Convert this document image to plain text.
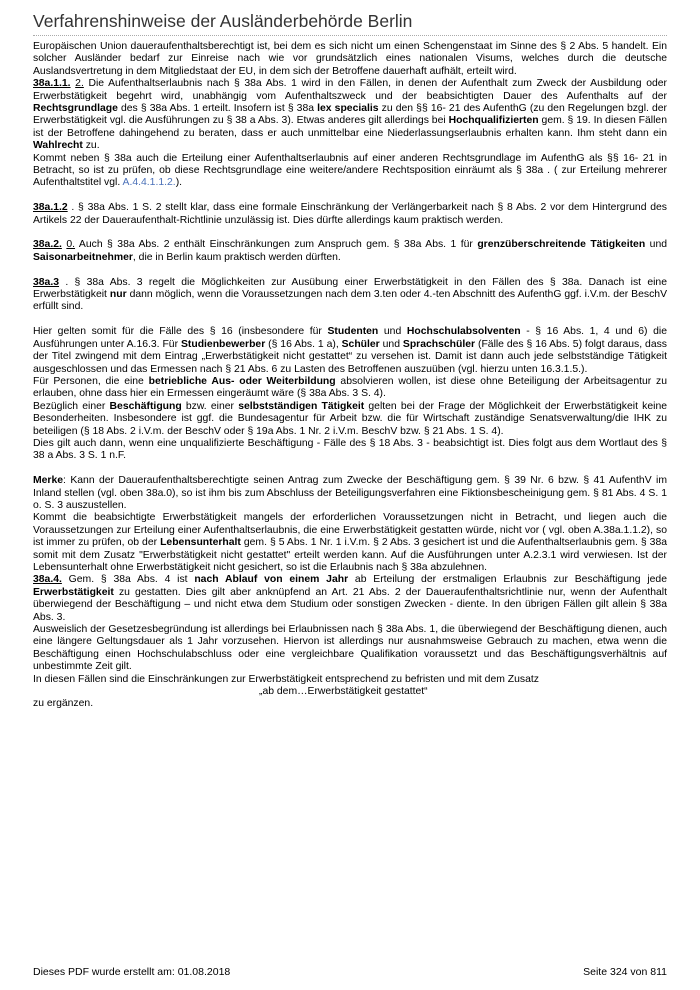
Verfahrenshinweise der Ausländerbehörde Berlin

Europäischen Union daueraufenthaltsberechtigt ist, bei dem es sich nicht um einen Schengenstaat im Sinne des § 2 Abs. 5 handelt. Ein solcher Ausländer bedarf zur Einreise nach wie vor grundsätzlich eines nationalen Visums, welches durch die deutsche Auslandsvertretung in dem Mitgliedstaat der EU, in dem sich der Betroffene dauerhaft aufhält, erteilt wird.

38a.1.1. 2. Die Aufenthaltserlaubnis nach § 38a Abs. 1 wird in den Fällen, in denen der Aufenthalt zum Zweck der Ausbildung oder Erwerbstätigkeit begehrt wird, unabhängig vom Aufenthaltszweck und der beabsichtigten Dauer des Aufenthalts auf der Rechtsgrundlage des § 38a Abs. 1 erteilt. Insofern ist § 38a lex specialis zu den §§ 16- 21 des AufenthG (zu den Regelungen bzgl. der Erwerbstätigkeit vgl. die Ausführungen zu § 38 a Abs. 3). Etwas anderes gilt allerdings bei Hochqualifizierten gem. § 19. In diesen Fällen ist der Betroffene dahingehend zu beraten, dass er auch unmittelbar eine Niederlassungserlaubnis erhalten kann. Ihm steht dann ein Wahlrecht zu.

Kommt neben § 38a auch die Erteilung einer Aufenthaltserlaubnis auf einer anderen Rechtsgrundlage im AufenthG als §§ 16- 21 in Betracht, so ist zu prüfen, ob diese Rechtsgrundlage eine weitere/andere Rechtsposition einräumt als § 38a . ( zur Erteilung mehrerer Aufenthaltstitel vgl. A.4.4.1.1.2.).

38a.1.2 . § 38a Abs. 1 S. 2 stellt klar, dass eine formale Einschränkung der Verlängerbarkeit nach § 8 Abs. 2 vor dem Hintergrund des Artikels 22 der Daueraufenthalt-Richtlinie unzulässig ist. Dies dürfte allerdings kaum praktisch werden.

38a.2. 0. Auch § 38a Abs. 2 enthält Einschränkungen zum Anspruch gem. § 38a Abs. 1 für grenzüberschreitende Tätigkeiten und Saisonarbeitnehmer, die in Berlin kaum praktisch werden dürften.

38a.3 . § 38a Abs. 3 regelt die Möglichkeiten zur Ausübung einer Erwerbstätigkeit in den Fällen des § 38a. Danach ist eine Erwerbstätigkeit nur dann möglich, wenn die Voraussetzungen nach dem 3.ten oder 4.-ten Abschnitt des AufenthG ggf. i.V.m. der BeschV erfüllt sind.

Hier gelten somit für die Fälle des § 16 (insbesondere für Studenten und Hochschulabsolventen - § 16 Abs. 1, 4 und 6) die Ausführungen unter A.16.3. Für Studienbewerber (§ 16 Abs. 1 a), Schüler und Sprachschüler (Fälle des § 16 Abs. 5) folgt daraus, dass der Titel zwingend mit dem Eintrag „Erwerbstätigkeit nicht gestattet“ zu versehen ist. Damit ist dann auch jede selbstständige Tätigkeit ausgeschlossen und das Ermessen nach § 21 Abs. 6 zu Lasten des Betroffenen auszuüben (vgl. hierzu unten 16.3.1.5.).

Für Personen, die eine betriebliche Aus- oder Weiterbildung absolvieren wollen, ist diese ohne Beteiligung der Arbeitsagentur zu erlauben, ohne dass hier ein Ermessen eingeräumt wäre (§ 38a Abs. 3 S. 4).

Bezüglich einer Beschäftigung bzw. einer selbstständigen Tätigkeit gelten bei der Frage der Möglichkeit der Erwerbstätigkeit keine Besonderheiten. Insbesondere ist ggf. die Bundesagentur für Arbeit bzw. die für Wirtschaft zuständige Senatsverwaltung/die IHK zu beteiligen (§ 18 Abs. 2 i.V.m. der BeschV oder § 19a Abs. 1 Nr. 2 i.V.m. BeschV bzw. § 21 Abs. 1 S. 4).

Dies gilt auch dann, wenn eine unqualifizierte Beschäftigung - Fälle des § 18 Abs. 3 - beabsichtigt ist. Dies folgt aus dem Wortlaut des § 38 a Abs. 3 S. 1 n.F.

Merke: Kann der Daueraufenthaltsberechtigte seinen Antrag zum Zwecke der Beschäftigung gem. § 39 Nr. 6 bzw. § 41 AufenthV im Inland stellen (vgl. oben 38a.0), so ist ihm bis zum Abschluss der Beteiligungsverfahren eine Fiktionsbescheinigung gem. § 81 Abs. 4 S. 1 o. S. 3 auszustellen.

Kommt die beabsichtigte Erwerbstätigkeit mangels der erforderlichen Voraussetzungen nicht in Betracht, und liegen auch die Voraussetzungen zur Erteilung einer Aufenthaltserlaubnis, die eine Erwerbstätigkeit gestatten würde, nicht vor ( vgl. oben A.38a.1.1.2), so ist immer zu prüfen, ob der Lebensunterhalt gem. § 5 Abs. 1 Nr. 1 i.V.m. § 2 Abs. 3 gesichert ist und die Aufenthaltserlaubnis gem. § 38a somit mit dem Zusatz "Erwerbstätigkeit nicht gestattet" erteilt werden kann. Auf die Ausführungen unter A.2.3.1 wird verwiesen. Ist der Lebensunterhalt ohne Erwerbstätigkeit nicht gesichert, so ist die Erlaubnis nach § 38a abzulehnen.

38a.4. Gem. § 38a Abs. 4 ist nach Ablauf von einem Jahr ab Erteilung der erstmaligen Erlaubnis zur Beschäftigung jede Erwerbstätigkeit zu gestatten. Dies gilt aber anknüpfend an Art. 21 Abs. 2 der Daueraufenthaltsrichtlinie nur, wenn der Aufenthalt überwiegend der Beschäftigung – und nicht etwa dem Studium oder sonstigen Zwecken - diente. In den übrigen Fällen gilt allein § 38a Abs. 3.

Ausweislich der Gesetzesbegründung ist allerdings bei Erlaubnissen nach § 38a Abs. 1, die überwiegend der Beschäftigung dienen, auch eine längere Geltungsdauer als 1 Jahr vorzusehen. Hiervon ist allerdings nur ausnahmsweise Gebrauch zu machen, etwa wenn die Beschäftigung einen Hochschulabschluss oder eine vergleichbare Qualifikation voraussetzt und das Beschäftigungsverhältnis auf unbestimmte Zeit gilt.

In diesen Fällen sind die Einschränkungen zur Erwerbstätigkeit entsprechend zu befristen und mit dem Zusatz

„ab dem…Erwerbstätigkeit gestattet“

zu ergänzen.

Dieses PDF wurde erstellt am: 01.08.2018	Seite 324 von 811
